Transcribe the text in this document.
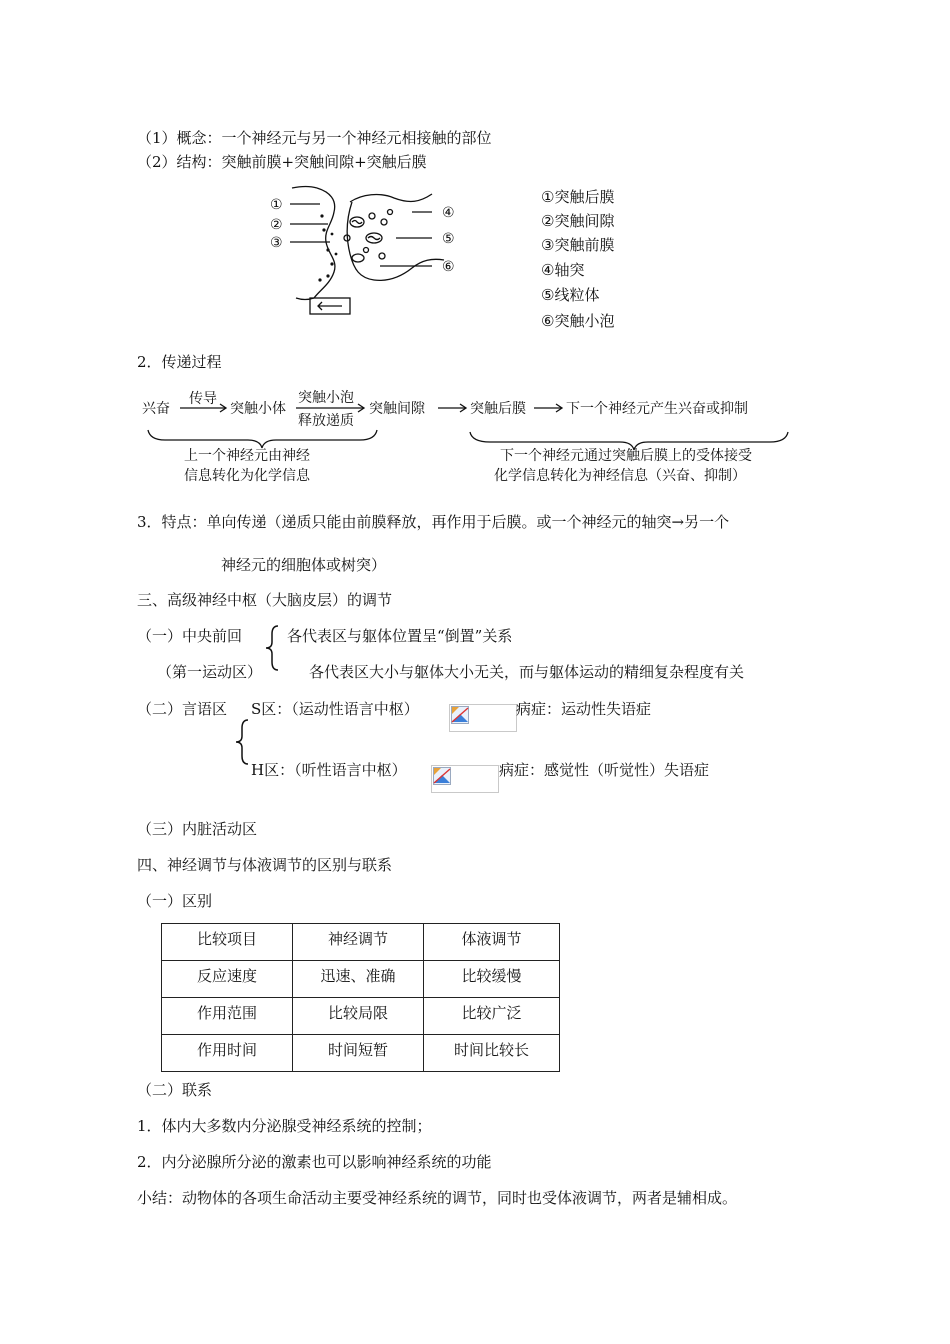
（1）概念：一个神经元与另一个神经元相接触的部位
（2）结构：突触前膜+突触间隙+突触后膜
①
②
③
④
⑤
⑥
①突触后膜
②突触间隙
③突触前膜
④轴突
⑤线粒体
⑥突触小泡
2．传递过程
兴奋
传导
突触小体
突触小泡
释放递质
突触间隙	突触后膜	下一个神经元产生兴奋或抑制
上一个神经元由神经
信息转化为化学信息
下一个神经元通过突触后膜上的受体接受
化学信息转化为神经信息（兴奋、抑制）
3．特点：单向传递（递质只能由前膜释放，再作用于后膜。或一个神经元的轴突→另一个
神经元的细胞体或树突）
三、高级神经中枢（大脑皮层）的调节
（一）中央前回	各代表区与躯体位置呈“倒置”关系
（第一运动区）	各代表区大小与躯体大小无关，而与躯体运动的精细复杂程度有关
（二）言语区 S区：（运动性语言中枢）	病症：运动性失语症
H区：（听性语言中枢）	病症：感觉性（听觉性）失语症
（三）内脏活动区
四、神经调节与体液调节的区别与联系
（一）区别
比较项目	神经调节	体液调节
反应速度	迅速、准确	比较缓慢
作用范围	比较局限	比较广泛
作用时间	时间短暂	时间比较长
（二）联系
1．体内大多数内分泌腺受神经系统的控制；
2．内分泌腺所分泌的激素也可以影响神经系统的功能
小结：动物体的各项生命活动主要受神经系统的调节，同时也受体液调节，两者是辅相成。
